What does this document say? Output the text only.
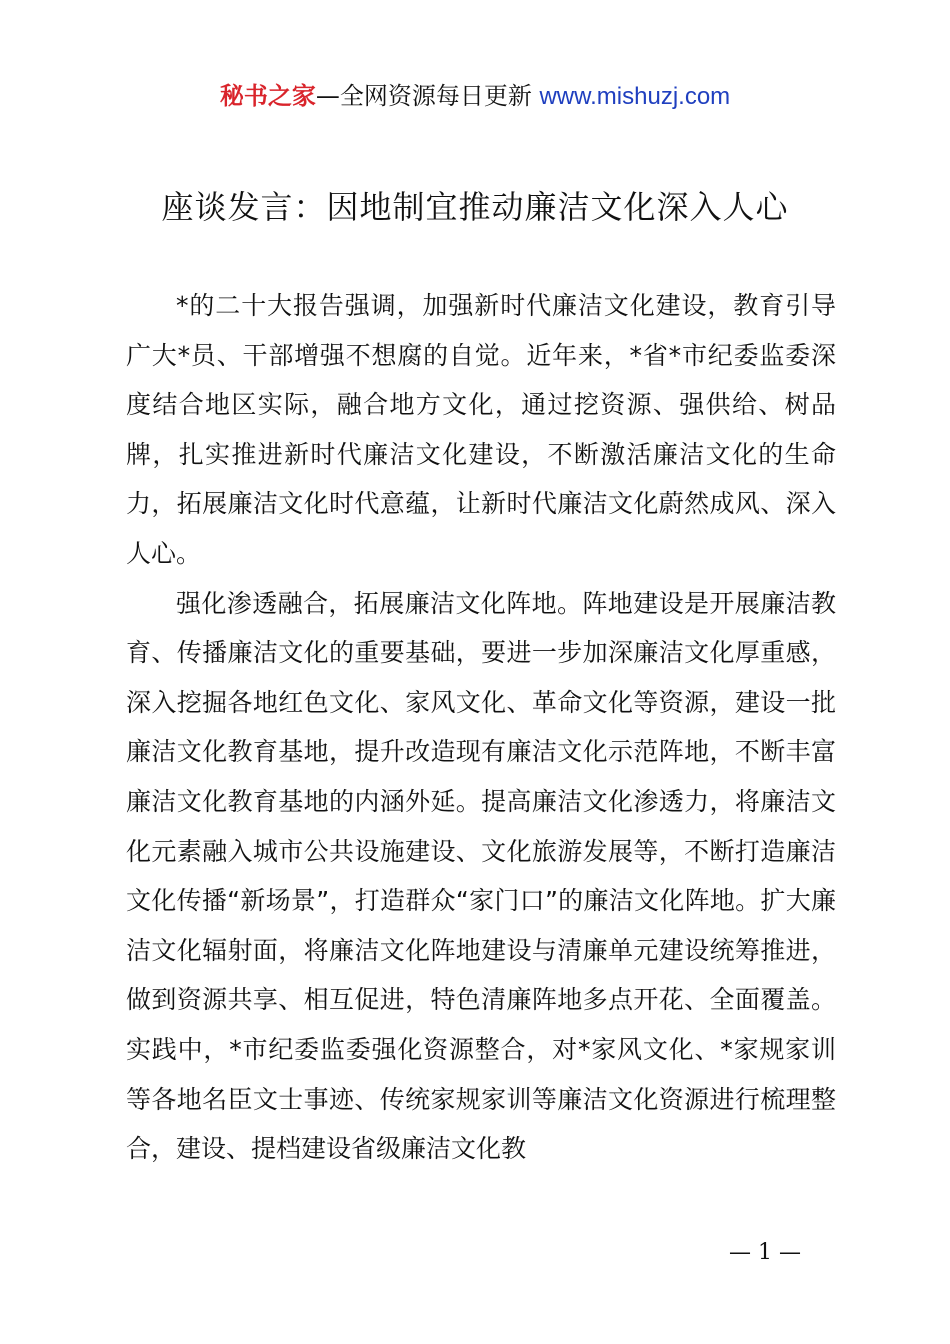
秘书之家—全网资源每日更新 www.mishuzj.com
座谈发言：因地制宜推动廉洁文化深入人心

*的二十大报告强调，加强新时代廉洁文化建设，教育引导广大*员、干部增强不想腐的自觉。近年来，*省*市纪委监委深度结合地区实际，融合地方文化，通过挖资源、强供给、树品牌，扎实推进新时代廉洁文化建设，不断激活廉洁文化的生命力，拓展廉洁文化时代意蕴，让新时代廉洁文化蔚然成风、深入人心。

强化渗透融合，拓展廉洁文化阵地。阵地建设是开展廉洁教育、传播廉洁文化的重要基础，要进一步加深廉洁文化厚重感，深入挖掘各地红色文化、家风文化、革命文化等资源，建设一批廉洁文化教育基地，提升改造现有廉洁文化示范阵地，不断丰富廉洁文化教育基地的内涵外延。提高廉洁文化渗透力，将廉洁文化元素融入城市公共设施建设、文化旅游发展等，不断打造廉洁文化传播“新场景”，打造群众“家门口”的廉洁文化阵地。扩大廉洁文化辐射面，将廉洁文化阵地建设与清廉单元建设统筹推进，做到资源共享、相互促进，特色清廉阵地多点开花、全面覆盖。实践中，*市纪委监委强化资源整合，对*家风文化、*家规家训等各地名臣文士事迹、传统家规家训等廉洁文化资源进行梳理整合，建设、提档建设省级廉洁文化教

— 1 —
